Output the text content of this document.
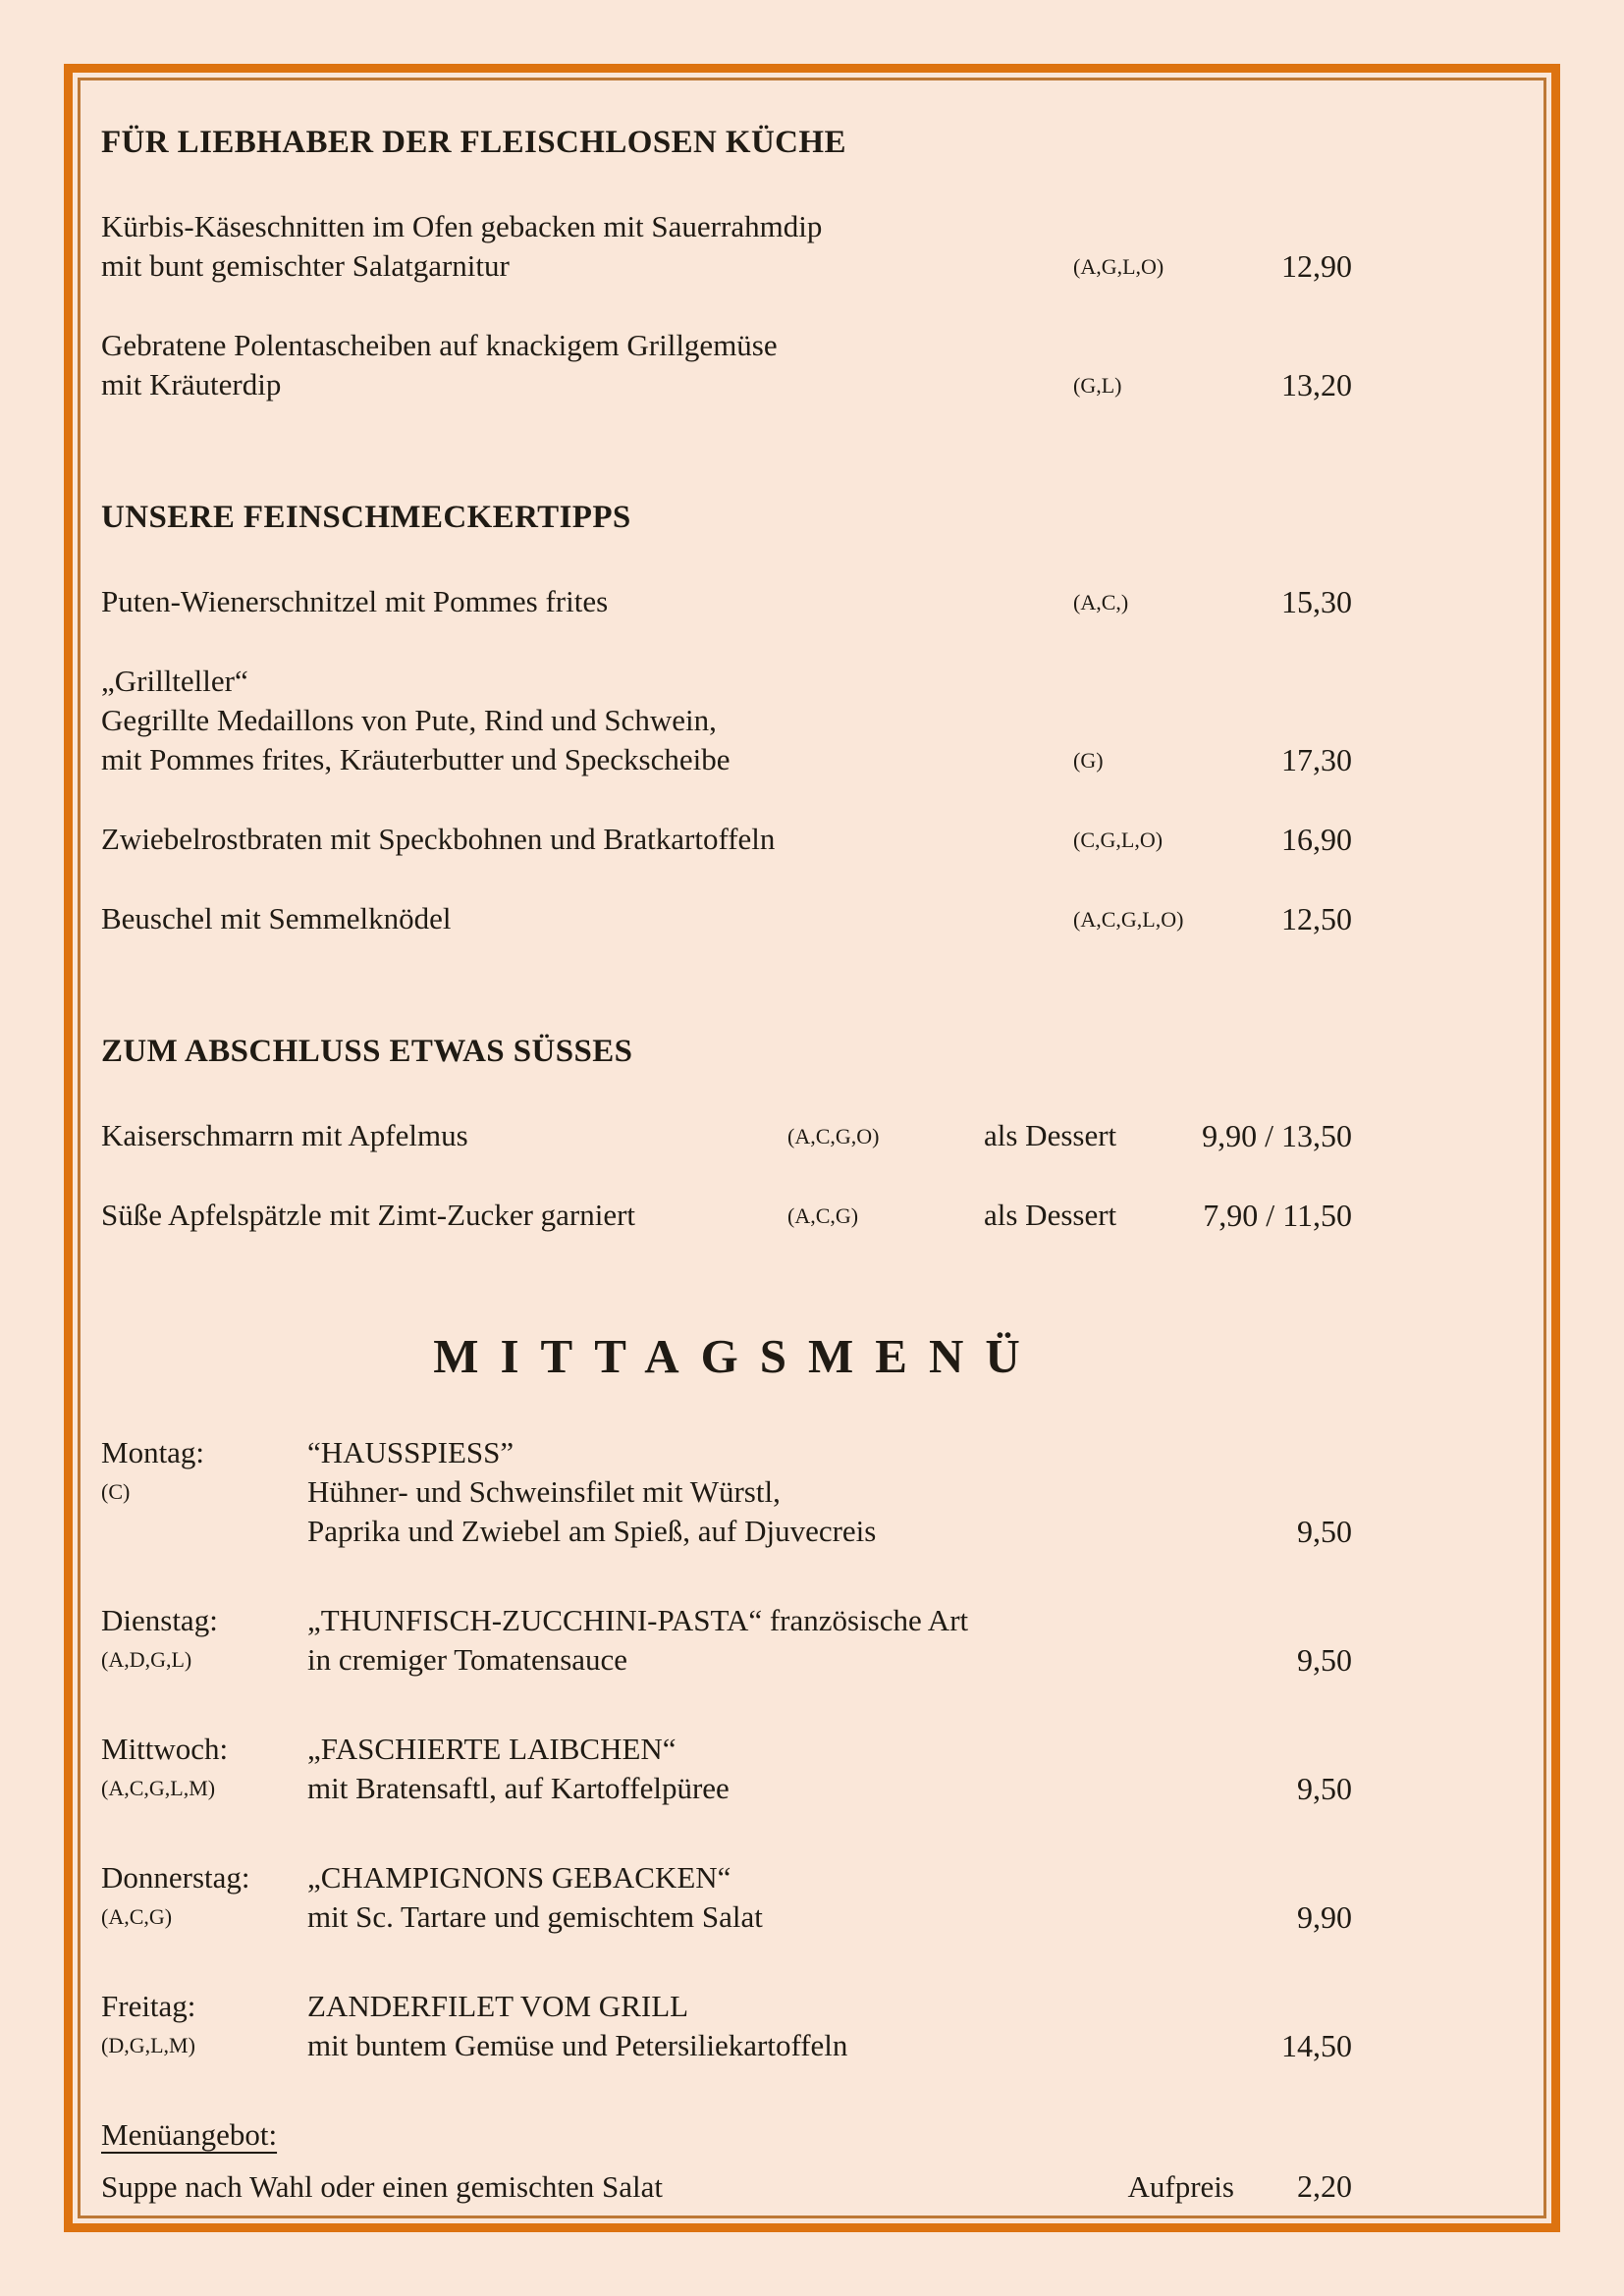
FÜR LIEBHABER DER FLEISCHLOSEN KÜCHE
Kürbis-Käseschnitten im Ofen gebacken mit Sauerrahmdip
mit bunt gemischter Salatgarnitur	(A,G,L,O)	12,90
Gebratene Polentascheiben auf knackigem Grillgemüse
mit Kräuterdip	(G,L)	13,20
UNSERE FEINSCHMECKERTIPPS
Puten-Wienerschnitzel mit Pommes frites	(A,C,)	15,30
„Grillteller“
Gegrillte Medaillons von Pute, Rind und Schwein,
mit Pommes frites, Kräuterbutter und Speckscheibe	(G)	17,30
Zwiebelrostbraten mit Speckbohnen und Bratkartoffeln	(C,G,L,O)	16,90
Beuschel mit Semmelknödel	(A,C,G,L,O)	12,50
ZUM ABSCHLUSS ETWAS SÜSSES
Kaiserschmarrn mit Apfelmus	(A,C,G,O)	als Dessert	9,90 / 13,50
Süße Apfelspätzle mit Zimt-Zucker garniert	(A,C,G)	als Dessert	7,90 / 11,50
MITTAGSMENÜ
Montag:
(C)
“HAUSSPIESS”
Hühner- und Schweinsfilet mit Würstl,
Paprika und Zwiebel am Spieß, auf Djuvecreis	9,50
Dienstag:
(A,D,G,L)
„THUNFISCH-ZUCCHINI-PASTA“ französische Art
in cremiger Tomatensauce	9,50
Mittwoch:
(A,C,G,L,M)
„FASCHIERTE LAIBCHEN“
mit Bratensaftl, auf Kartoffelpüree	9,50
Donnerstag:
(A,C,G)
„CHAMPIGNONS GEBACKEN“
mit Sc. Tartare und gemischtem Salat	9,90
Freitag:
(D,G,L,M)
ZANDERFILET VOM GRILL
mit buntem Gemüse und Petersiliekartoffeln	14,50
Menüangebot:
Suppe nach Wahl oder einen gemischten Salat	Aufpreis	2,20
